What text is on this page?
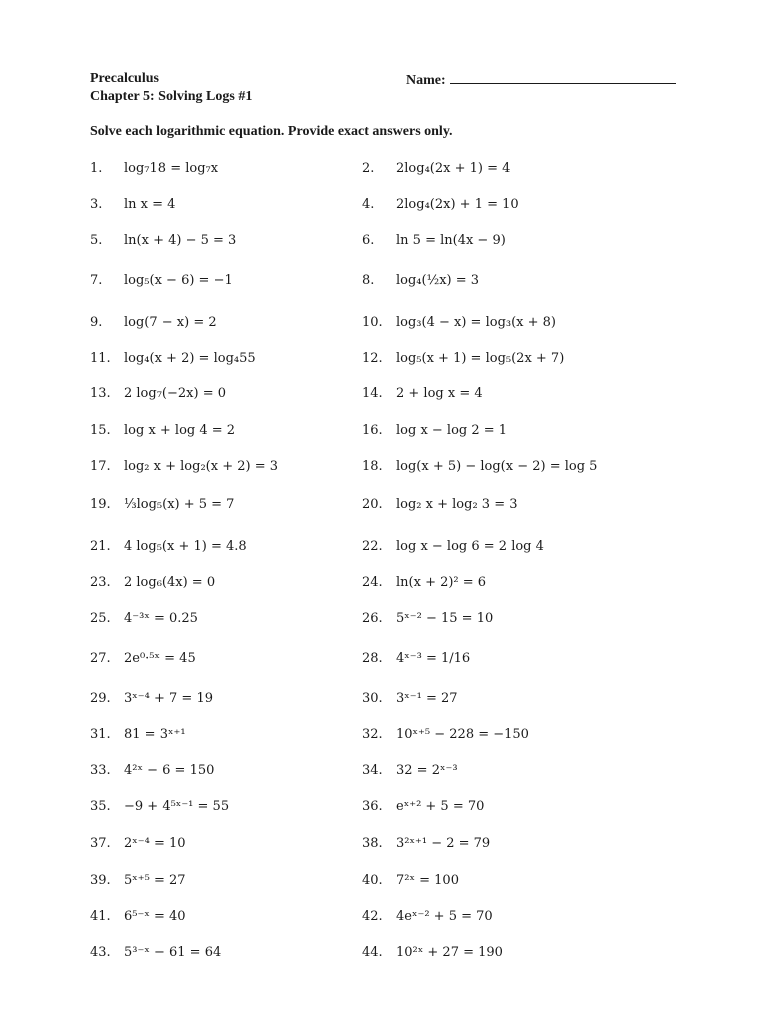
Precalculus
Chapter 5: Solving Logs #1
Name:
Solve each logarithmic equation. Provide exact answers only.
1.	log₇18 = log₇x	2.	2log₄(2x + 1) = 4
3.	ln x = 4	4.	2log₄(2x) + 1 = 10
5.	ln(x + 4) − 5 = 3	6.	ln 5 = ln(4x − 9)
7.	log₅(x − 6) = −1	8.	log₄(½x) = 3
9.	log(7 − x) = 2	10.	log₃(4 − x) = log₃(x + 8)
11.	log₄(x + 2) = log₄55	12.	log₅(x + 1) = log₅(2x + 7)
13.	2 log₇(−2x) = 0	14.	2 + log x = 4
15.	log x + log 4 = 2	16.	log x − log 2 = 1
17.	log₂ x + log₂(x + 2) = 3	18.	log(x + 5) − log(x − 2) = log 5
19.	⅓log₅(x) + 5 = 7	20.	log₂ x + log₂ 3 = 3
21.	4 log₅(x + 1) = 4.8	22.	log x − log 6 = 2 log 4
23.	2 log₆(4x) = 0	24.	ln(x + 2)² = 6
25.	4⁻³ˣ = 0.25	26.	5ˣ⁻² − 15 = 10
27.	2e⁰·⁵ˣ = 45	28.	4ˣ⁻³ = 1/16
29.	3ˣ⁻⁴ + 7 = 19	30.	3ˣ⁻¹ = 27
31.	81 = 3ˣ⁺¹	32.	10ˣ⁺⁵ − 228 = −150
33.	4²ˣ − 6 = 150	34.	32 = 2ˣ⁻³
35.	−9 + 4⁵ˣ⁻¹ = 55	36.	eˣ⁺² + 5 = 70
37.	2ˣ⁻⁴ = 10	38.	3²ˣ⁺¹ − 2 = 79
39.	5ˣ⁺⁵ = 27	40.	7²ˣ = 100
41.	6⁵⁻ˣ = 40	42.	4eˣ⁻² + 5 = 70
43.	5³⁻ˣ − 61 = 64	44.	10²ˣ + 27 = 190
